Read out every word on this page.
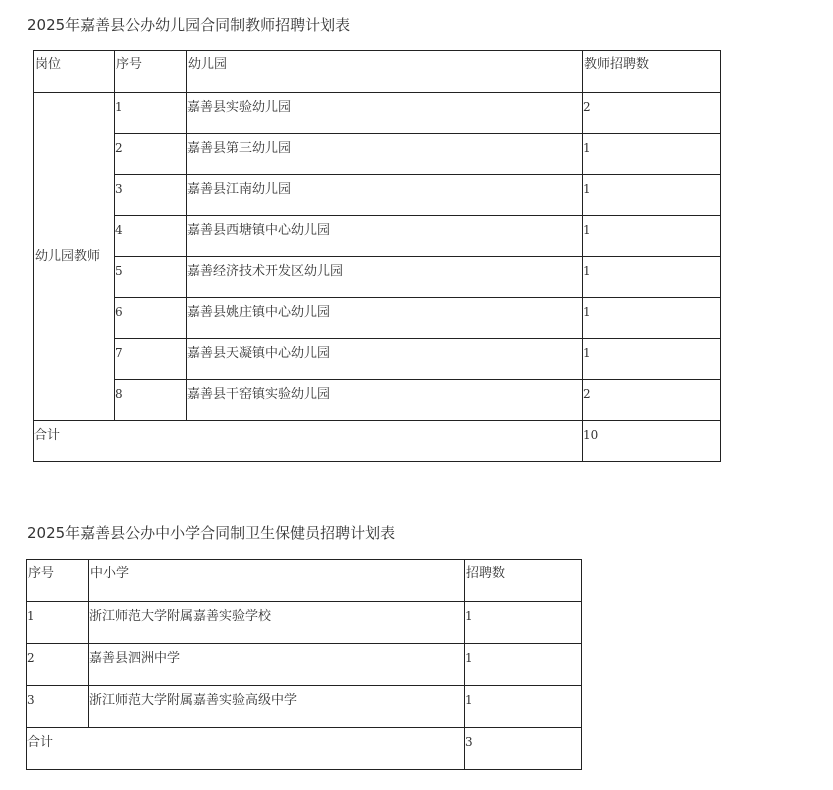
2025年嘉善县公办幼儿园合同制教师招聘计划表
岗位	序号	幼儿园	教师招聘数
幼儿园教师	1	嘉善县实验幼儿园	2
	2	嘉善县第三幼儿园	1
	3	嘉善县江南幼儿园	1
	4	嘉善县西塘镇中心幼儿园	1
	5	嘉善经济技术开发区幼儿园	1
	6	嘉善县姚庄镇中心幼儿园	1
	7	嘉善县天凝镇中心幼儿园	1
	8	嘉善县干窑镇实验幼儿园	2
合计			10
2025年嘉善县公办中小学合同制卫生保健员招聘计划表
序号	中小学	招聘数
1	浙江师范大学附属嘉善实验学校	1
2	嘉善县泗洲中学	1
3	浙江师范大学附属嘉善实验高级中学	1
合计		3
